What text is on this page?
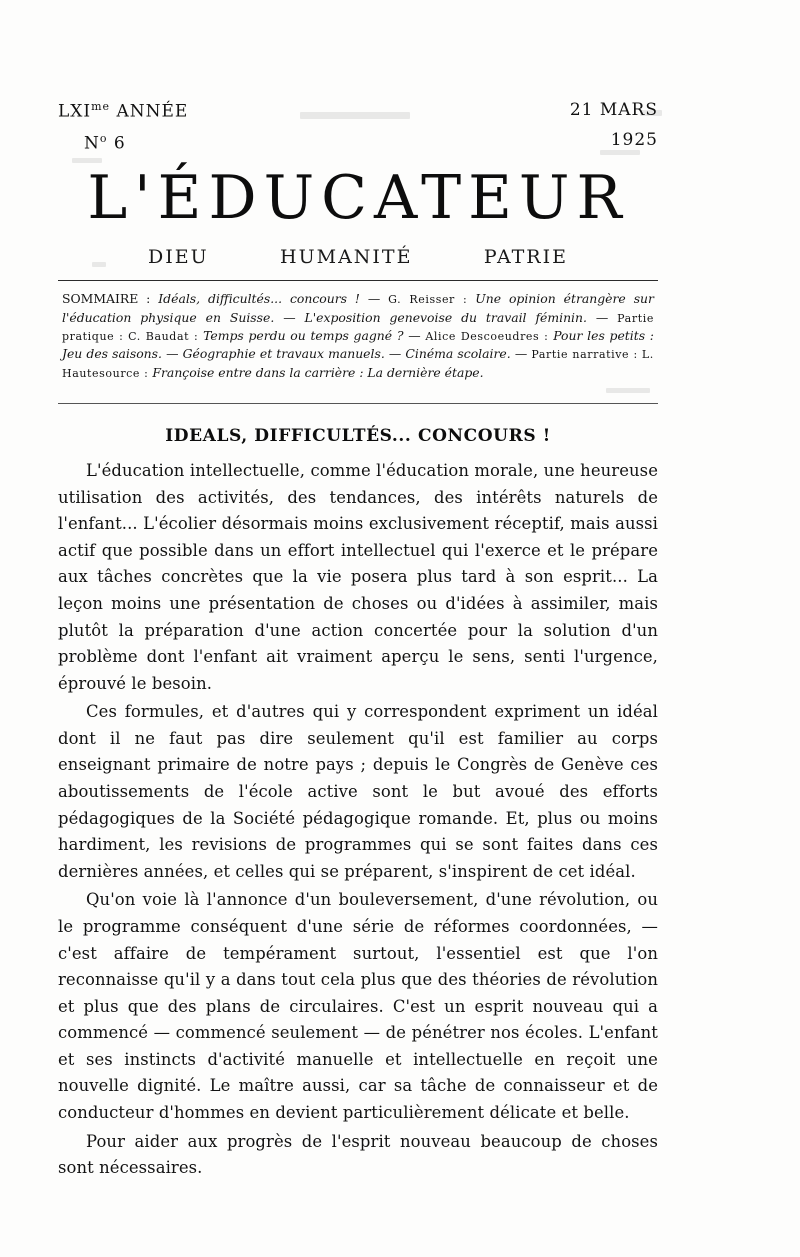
$LXI^{me}$ ANNÉE
$N^o$ 6
21 MARS
1925
L'ÉDUCATEUR
DIEU	HUMANITÉ	PATRIE
SOMMAIRE : Idéals, difficultés... concours ! — G. Reisser : Une opinion étrangère sur l'éducation physique en Suisse. — L'exposition genevoise du travail féminin. — Partie pratique : C. Baudat : Temps perdu ou temps gagné ? — Alice Descoeudres : Pour les petits : Jeu des saisons. — Géographie et travaux manuels. — Cinéma scolaire. — Partie narrative : L. Hautesource : Françoise entre dans la carrière : La dernière étape.
IDEALS, DIFFICULTÉS... CONCOURS !

L'éducation intellectuelle, comme l'éducation morale, une heureuse utilisation des activités, des tendances, des intérêts naturels de l'enfant... L'écolier désormais moins exclusivement réceptif, mais aussi actif que possible dans un effort intellectuel qui l'exerce et le prépare aux tâches concrètes que la vie posera plus tard à son esprit... La leçon moins une présentation de choses ou d'idées à assimiler, mais plutôt la préparation d'une action concertée pour la solution d'un problème dont l'enfant ait vraiment aperçu le sens, senti l'urgence, éprouvé le besoin.

Ces formules, et d'autres qui y correspondent expriment un idéal dont il ne faut pas dire seulement qu'il est familier au corps enseignant primaire de notre pays ; depuis le Congrès de Genève ces aboutissements de l'école active sont le but avoué des efforts pédagogiques de la Société pédagogique romande. Et, plus ou moins hardiment, les revisions de programmes qui se sont faites dans ces dernières années, et celles qui se préparent, s'inspirent de cet idéal.

Qu'on voie là l'annonce d'un bouleversement, d'une révolution, ou le programme conséquent d'une série de réformes coordonnées, — c'est affaire de tempérament surtout, l'essentiel est que l'on reconnaisse qu'il y a dans tout cela plus que des théories de révolution et plus que des plans de circulaires. C'est un esprit nouveau qui a commencé — commencé seulement — de pénétrer nos écoles. L'enfant et ses instincts d'activité manuelle et intellectuelle en reçoit une nouvelle dignité. Le maître aussi, car sa tâche de connaisseur et de conducteur d'hommes en devient particulièrement délicate et belle.

Pour aider aux progrès de l'esprit nouveau beaucoup de choses sont nécessaires.
